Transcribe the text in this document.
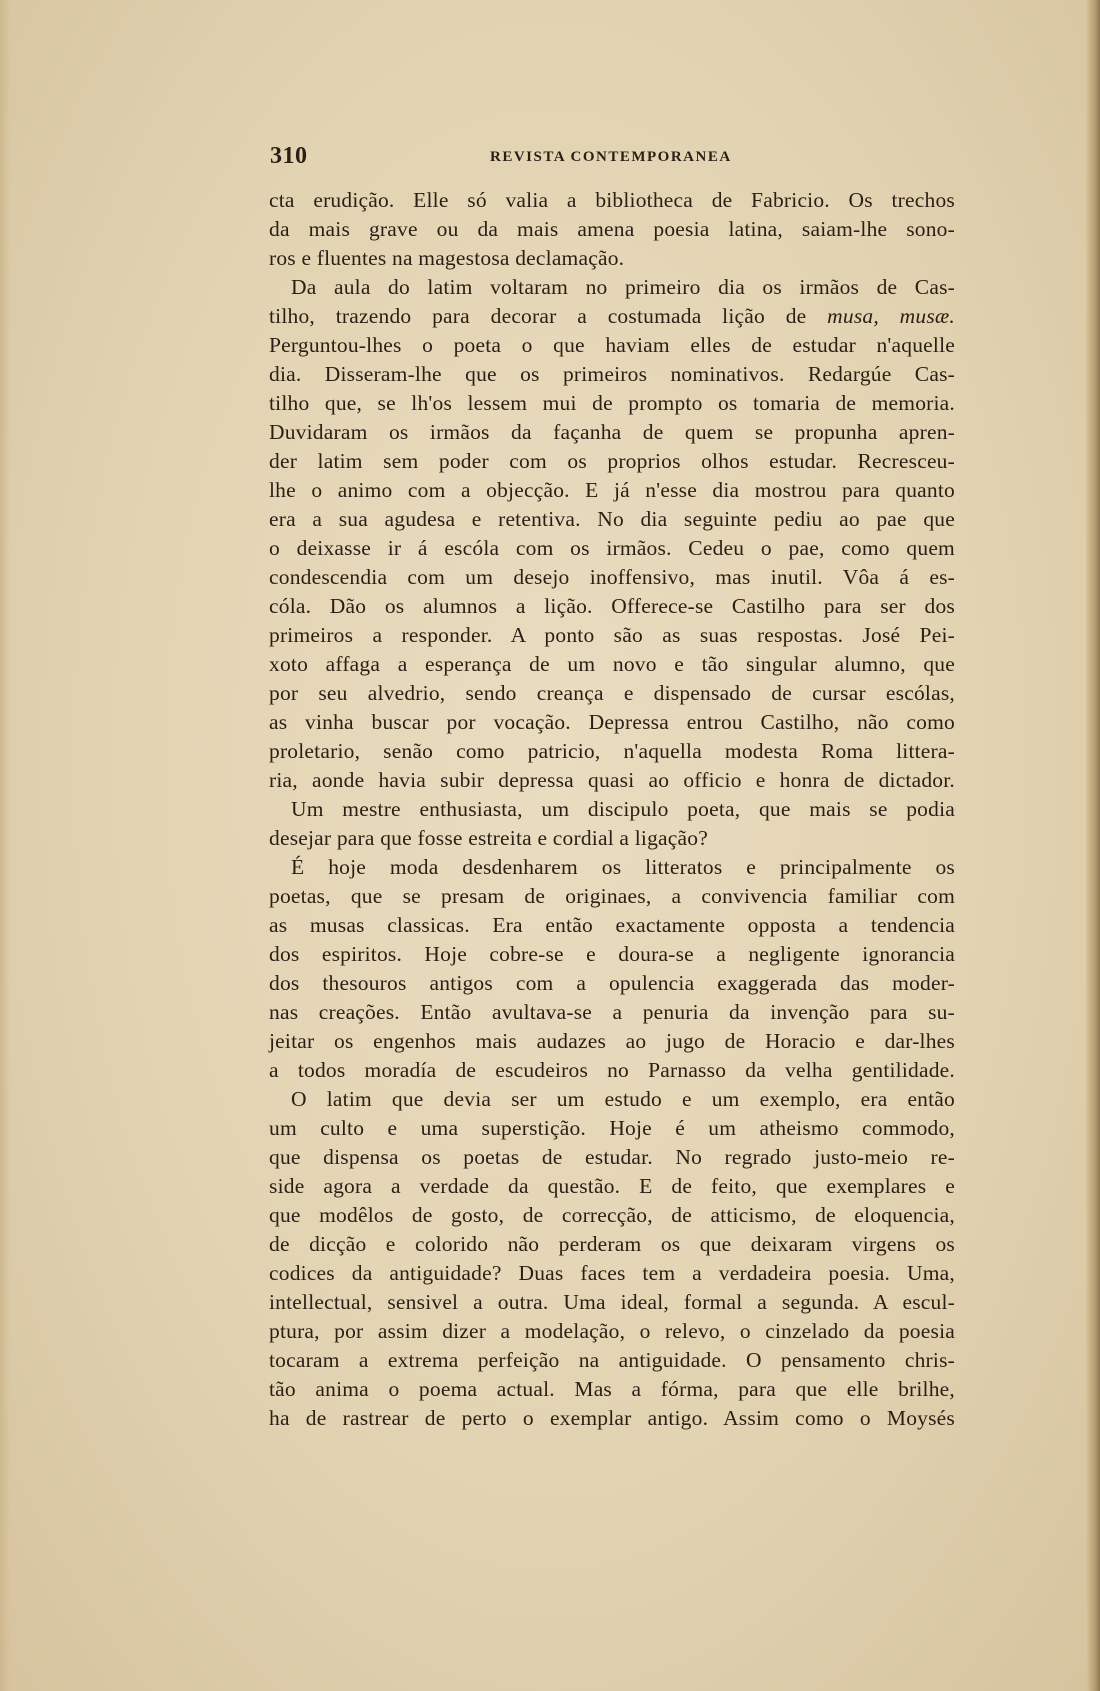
310	REVISTA CONTEMPORANEA
cta erudição. Elle só valia a bibliotheca de Fabricio. Os trechos
da mais grave ou da mais amena poesia latina, saiam-lhe sono-
ros e fluentes na magestosa declamação.
Da aula do latim voltaram no primeiro dia os irmãos de Cas-
tilho, trazendo para decorar a costumada lição de musa, musæ.
Perguntou-lhes o poeta o que haviam elles de estudar n'aquelle
dia. Disseram-lhe que os primeiros nominativos. Redargúe Cas-
tilho que, se lh'os lessem mui de prompto os tomaria de memoria.
Duvidaram os irmãos da façanha de quem se propunha apren-
der latim sem poder com os proprios olhos estudar. Recresceu-
lhe o animo com a objecção. E já n'esse dia mostrou para quanto
era a sua agudesa e retentiva. No dia seguinte pediu ao pae que
o deixasse ir á escóla com os irmãos. Cedeu o pae, como quem
condescendia com um desejo inoffensivo, mas inutil. Vôa á es-
cóla. Dão os alumnos a lição. Offerece-se Castilho para ser dos
primeiros a responder. A ponto são as suas respostas. José Pei-
xoto affaga a esperança de um novo e tão singular alumno, que
por seu alvedrio, sendo creança e dispensado de cursar escólas,
as vinha buscar por vocação. Depressa entrou Castilho, não como
proletario, senão como patricio, n'aquella modesta Roma littera-
ria, aonde havia subir depressa quasi ao officio e honra de dictador.
Um mestre enthusiasta, um discipulo poeta, que mais se podia
desejar para que fosse estreita e cordial a ligação?
É hoje moda desdenharem os litteratos e principalmente os
poetas, que se presam de originaes, a convivencia familiar com
as musas classicas. Era então exactamente opposta a tendencia
dos espiritos. Hoje cobre-se e doura-se a negligente ignorancia
dos thesouros antigos com a opulencia exaggerada das moder-
nas creações. Então avultava-se a penuria da invenção para su-
jeitar os engenhos mais audazes ao jugo de Horacio e dar-lhes
a todos moradía de escudeiros no Parnasso da velha gentilidade.
O latim que devia ser um estudo e um exemplo, era então
um culto e uma superstição. Hoje é um atheismo commodo,
que dispensa os poetas de estudar. No regrado justo-meio re-
side agora a verdade da questão. E de feito, que exemplares e
que modêlos de gosto, de correcção, de atticismo, de eloquencia,
de dicção e colorido não perderam os que deixaram virgens os
codices da antiguidade? Duas faces tem a verdadeira poesia. Uma,
intellectual, sensivel a outra. Uma ideal, formal a segunda. A escul-
ptura, por assim dizer a modelação, o relevo, o cinzelado da poesia
tocaram a extrema perfeição na antiguidade. O pensamento chris-
tão anima o poema actual. Mas a fórma, para que elle brilhe,
ha de rastrear de perto o exemplar antigo. Assim como o Moysés
